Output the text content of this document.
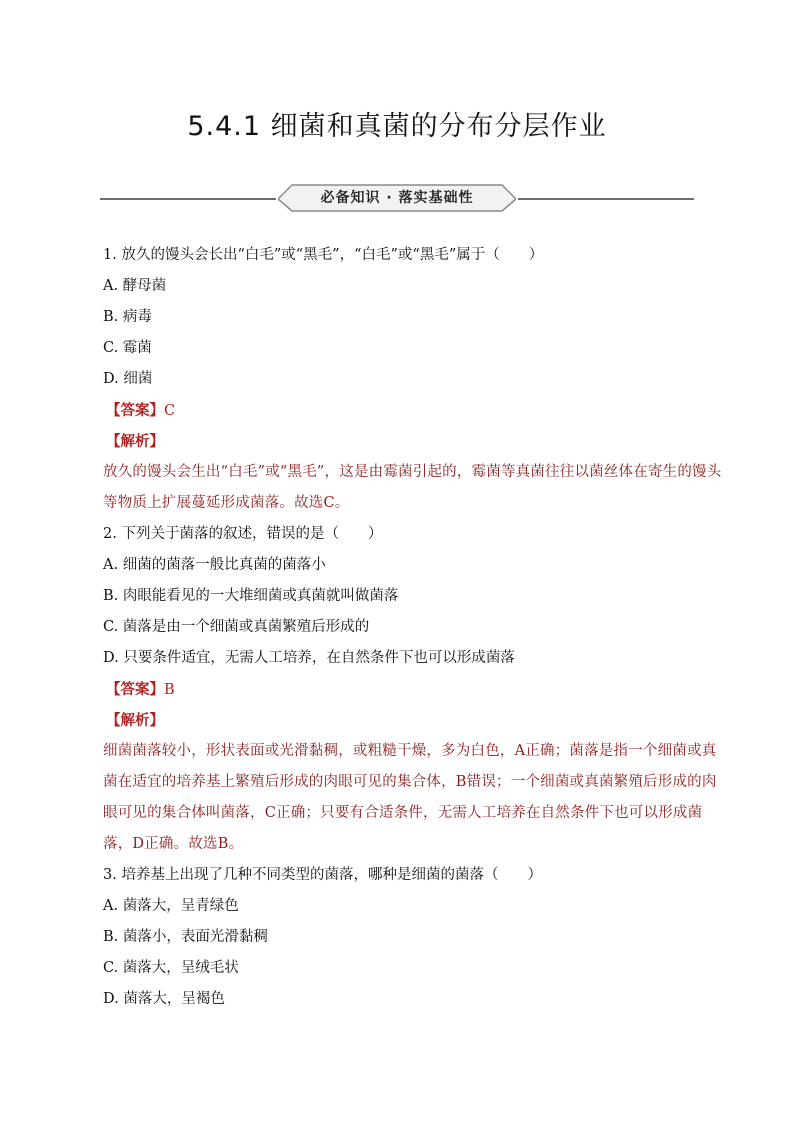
5.4.1 细菌和真菌的分布分层作业
必备知识 · 落实基础性
1. 放久的馒头会长出“白毛”或“黑毛”，“白毛”或“黑毛”属于（　　）
A. 酵母菌
B. 病毒
C. 霉菌
D. 细菌
【答案】C
【解析】

放久的馒头会生出“白毛”或“黑毛”，这是由霉菌引起的，霉菌等真菌往往以菌丝体在寄生的馒头等物质上扩展蔓延形成菌落。故选C。

2. 下列关于菌落的叙述，错误的是（　　）
A. 细菌的菌落一般比真菌的菌落小
B. 肉眼能看见的一大堆细菌或真菌就叫做菌落
C. 菌落是由一个细菌或真菌繁殖后形成的
D. 只要条件适宜，无需人工培养，在自然条件下也可以形成菌落
【答案】B
【解析】

细菌菌落较小，形状表面或光滑黏稠，或粗糙干燥，多为白色，A正确；菌落是指一个细菌或真菌在适宜的培养基上繁殖后形成的肉眼可见的集合体，B错误；一个细菌或真菌繁殖后形成的肉眼可见的集合体叫菌落，C正确；只要有合适条件，无需人工培养在自然条件下也可以形成菌落，D正确。故选B。

3. 培养基上出现了几种不同类型的菌落，哪种是细菌的菌落（　　）
A. 菌落大，呈青绿色
B. 菌落小，表面光滑黏稠
C. 菌落大，呈绒毛状
D. 菌落大，呈褐色
